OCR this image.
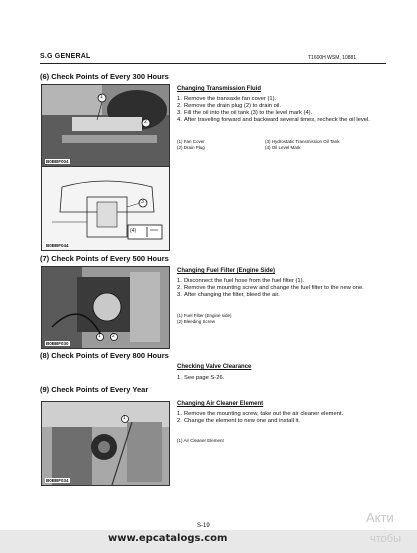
S.G GENERAL	T1600H WSM, 10881
(6) Check Points of Every 300 Hours
1
2
B0BBF004
3
(4)
B0BBF044
Changing Transmission Fluid
1. Remove the transaxle fan cover (1).
2. Remove the drain plug (2) to drain oil.
3. Fill the oil into the oil tank (3) to the level mark (4).
4. After traveling forward and backward several times, recheck the oil level.
(1) Fan Cover
(2) Drain Plug
(3) Hydrostatic Transmission Oil Tank
(4) Oil Level Mark
(7) Check Points of Every 500 Hours
1 2
B0BBF030
Changing Fuel Filter (Engine Side)
1. Disconnect the fuel hose from the fuel filter (1).
2. Remove the mounting screw and change the fuel filter to the new one.
3. After changing the filter, bleed the air.
(1) Fuel Filter (Engine side)
(2) Bleeding Screw
(8) Check Points of Every 800 Hours
Checking Valve Clearance
1. See page S-26.
(9) Check Points of Every Year
1
B0BBF034
Changing Air Cleaner Element
1. Remove the mounting screw, take out the air cleaner element.
2. Change the element to new one and install it.
(1) Air Cleaner Element
S-19
Акти
www.epcatalogs.com	чтобы
